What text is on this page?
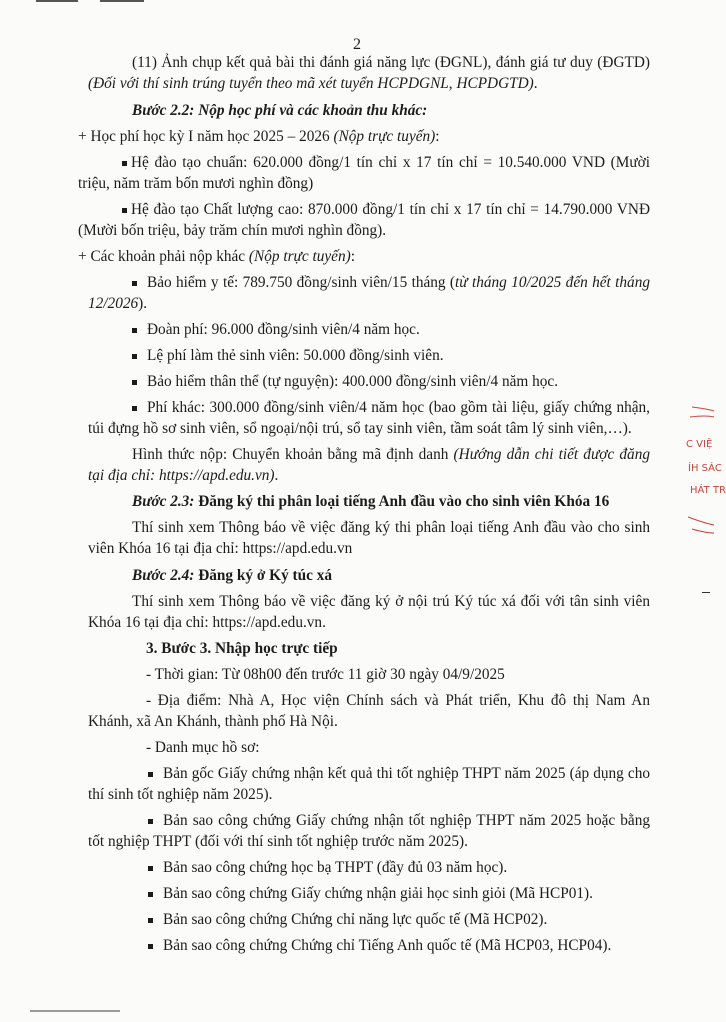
2

(11) Ảnh chụp kết quả bài thi đánh giá năng lực (ĐGNL), đánh giá tư duy (ĐGTD) (Đối với thí sinh trúng tuyển theo mã xét tuyển HCPDGNL, HCPDGTD).

Bước 2.2: Nộp học phí và các khoản thu khác:

+ Học phí học kỳ I năm học 2025 – 2026 (Nộp trực tuyến):

Hệ đào tạo chuẩn: 620.000 đồng/1 tín chỉ x 17 tín chỉ = 10.540.000 VND (Mười triệu, năm trăm bốn mươi nghìn đồng)

Hệ đào tạo Chất lượng cao: 870.000 đồng/1 tín chỉ x 17 tín chỉ = 14.790.000 VNĐ (Mười bốn triệu, bảy trăm chín mươi nghìn đồng).

+ Các khoản phải nộp khác (Nộp trực tuyến):

Bảo hiểm y tế: 789.750 đồng/sinh viên/15 tháng (từ tháng 10/2025 đến hết tháng 12/2026).

Đoàn phí: 96.000 đồng/sinh viên/4 năm học.

Lệ phí làm thẻ sinh viên: 50.000 đồng/sinh viên.

Bảo hiểm thân thể (tự nguyện): 400.000 đồng/sinh viên/4 năm học.

Phí khác: 300.000 đồng/sinh viên/4 năm học (bao gồm tài liệu, giấy chứng nhận, túi đựng hồ sơ sinh viên, sổ ngoại/nội trú, sổ tay sinh viên, tầm soát tâm lý sinh viên,…).

Hình thức nộp: Chuyển khoản bằng mã định danh (Hướng dẫn chi tiết được đăng tại địa chỉ: https://apd.edu.vn).

Bước 2.3: Đăng ký thi phân loại tiếng Anh đầu vào cho sinh viên Khóa 16

Thí sinh xem Thông báo về việc đăng ký thi phân loại tiếng Anh đầu vào cho sinh viên Khóa 16 tại địa chỉ: https://apd.edu.vn

Bước 2.4: Đăng ký ở Ký túc xá

Thí sinh xem Thông báo về việc đăng ký ở nội trú Ký túc xá đối với tân sinh viên Khóa 16 tại địa chỉ: https://apd.edu.vn.

3. Bước 3. Nhập học trực tiếp

- Thời gian: Từ 08h00 đến trước 11 giờ 30 ngày 04/9/2025

- Địa điểm: Nhà A, Học viện Chính sách và Phát triển, Khu đô thị Nam An Khánh, xã An Khánh, thành phố Hà Nội.

- Danh mục hồ sơ:

Bản gốc Giấy chứng nhận kết quả thi tốt nghiệp THPT năm 2025 (áp dụng cho thí sinh tốt nghiệp năm 2025).

Bản sao công chứng Giấy chứng nhận tốt nghiệp THPT năm 2025 hoặc bằng tốt nghiệp THPT (đối với thí sinh tốt nghiệp trước năm 2025).

Bản sao công chứng học bạ THPT (đầy đủ 03 năm học).

Bản sao công chứng Giấy chứng nhận giải học sinh giỏi (Mã HCP01).

Bản sao công chứng Chứng chỉ năng lực quốc tế (Mã HCP02).

Bản sao công chứng Chứng chỉ Tiếng Anh quốc tế (Mã HCP03, HCP04).

C VIỆ
ÍH SÁC
HÁT TR
